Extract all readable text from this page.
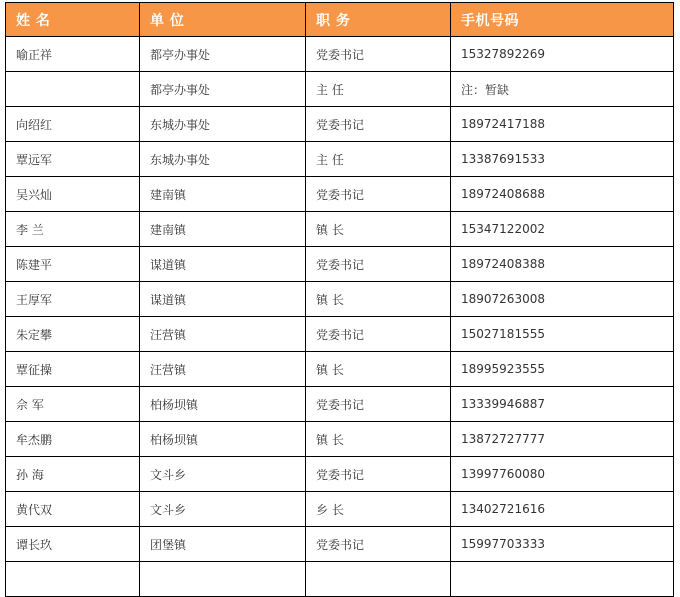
姓 名	单 位	职 务	手机号码
喻正祥	都亭办事处	党委书记	15327892269
	都亭办事处	主 任	注：暂缺
向绍红	东城办事处	党委书记	18972417188
覃远军	东城办事处	主 任	13387691533
吴兴灿	建南镇	党委书记	18972408688
李 兰	建南镇	镇 长	15347122002
陈建平	谋道镇	党委书记	18972408388
王厚军	谋道镇	镇 长	18907263008
朱定攀	汪营镇	党委书记	15027181555
覃征操	汪营镇	镇 长	18995923555
佘 军	柏杨坝镇	党委书记	13339946887
牟杰鹏	柏杨坝镇	镇 长	13872727777
孙 海	文斗乡	党委书记	13997760080
黄代双	文斗乡	乡 长	13402721616
谭长玖	团堡镇	党委书记	15997703333
